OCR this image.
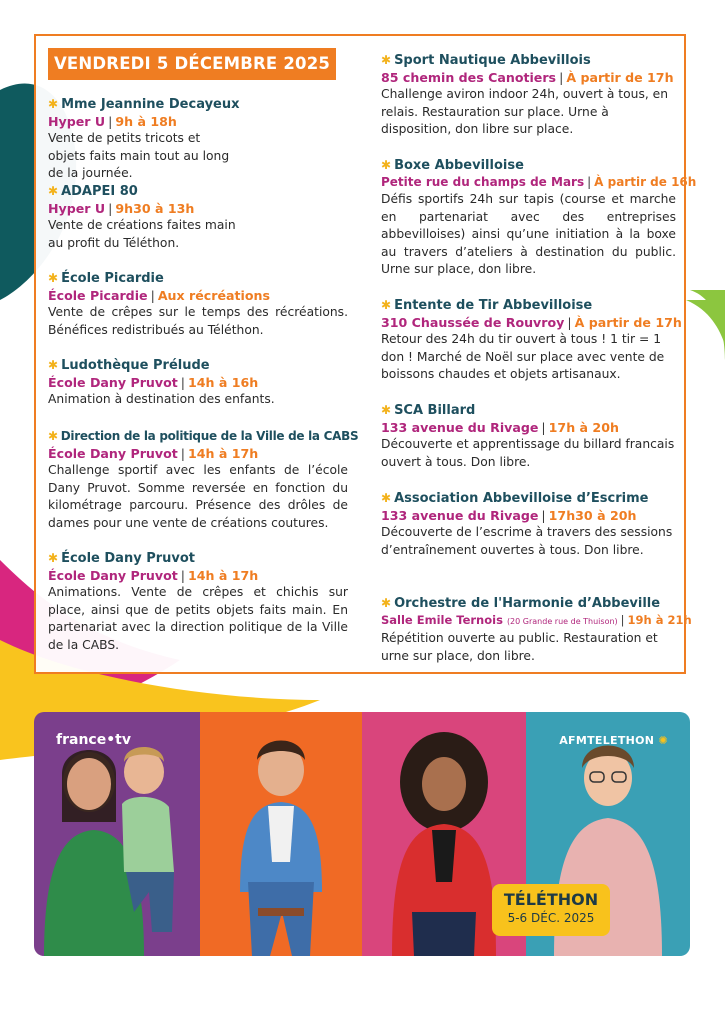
VENDREDI 5 DÉCEMBRE 2025
✱ Mme Jeannine Decayeux
Hyper U | 9h à 18h

Vente de petits tricots et objets faits main tout au long de la journée.

✱ ADAPEI 80
Hyper U | 9h30 à 13h

Vente de créations faites main au profit du Téléthon.

✱ École Picardie
École Picardie | Aux récréations

Vente de crêpes sur le temps des récréations. Bénéfices redistribués au Téléthon.

✱ Ludothèque Prélude
École Dany Pruvot | 14h à 16h

Animation à destination des enfants.

✱ Direction de la politique de la Ville de la CABS
École Dany Pruvot | 14h à 17h

Challenge sportif avec les enfants de l’école Dany Pruvot. Somme reversée en fonction du kilométrage parcouru. Présence des drôles de dames pour une vente de créations coutures.

✱ École Dany Pruvot
École Dany Pruvot | 14h à 17h

Animations. Vente de crêpes et chichis sur place, ainsi que de petits objets faits main. En partenariat avec la direction politique de la Ville de la CABS.

✱ Sport Nautique Abbevillois
85 chemin des Canotiers | À partir de 17h

Challenge aviron indoor 24h, ouvert à tous, en relais. Restauration sur place. Urne à disposition, don libre sur place.

✱ Boxe Abbevilloise
Petite rue du champs de Mars | À partir de 16h

Défis sportifs 24h sur tapis (course et marche en partenariat avec des entreprises abbevilloises) ainsi qu’une initiation à la boxe au travers d’ateliers à destination du public. Urne sur place, don libre.

✱ Entente de Tir Abbevilloise
310 Chaussée de Rouvroy | À partir de 17h

Retour des 24h du tir ouvert à tous ! 1 tir = 1 don ! Marché de Noël sur place avec vente de boissons chaudes et objets artisanaux.

✱ SCA Billard
133 avenue du Rivage | 17h à 20h

Découverte et apprentissage du billard francais ouvert à tous. Don libre.

✱ Association Abbevilloise d’Escrime
133 avenue du Rivage | 17h30 à 20h

Découverte de l’escrime à travers des sessions d’entraînement ouvertes à tous. Don libre.

✱ Orchestre de l'Harmonie d’Abbeville
Salle Emile Ternois (20 Grande rue de Thuison) | 19h à 21h

Répétition ouverte au public. Restauration et urne sur place, don libre.

france•tv	AFMTELETHON ✺
TÉLÉTHON
5-6 DÉC. 2025
